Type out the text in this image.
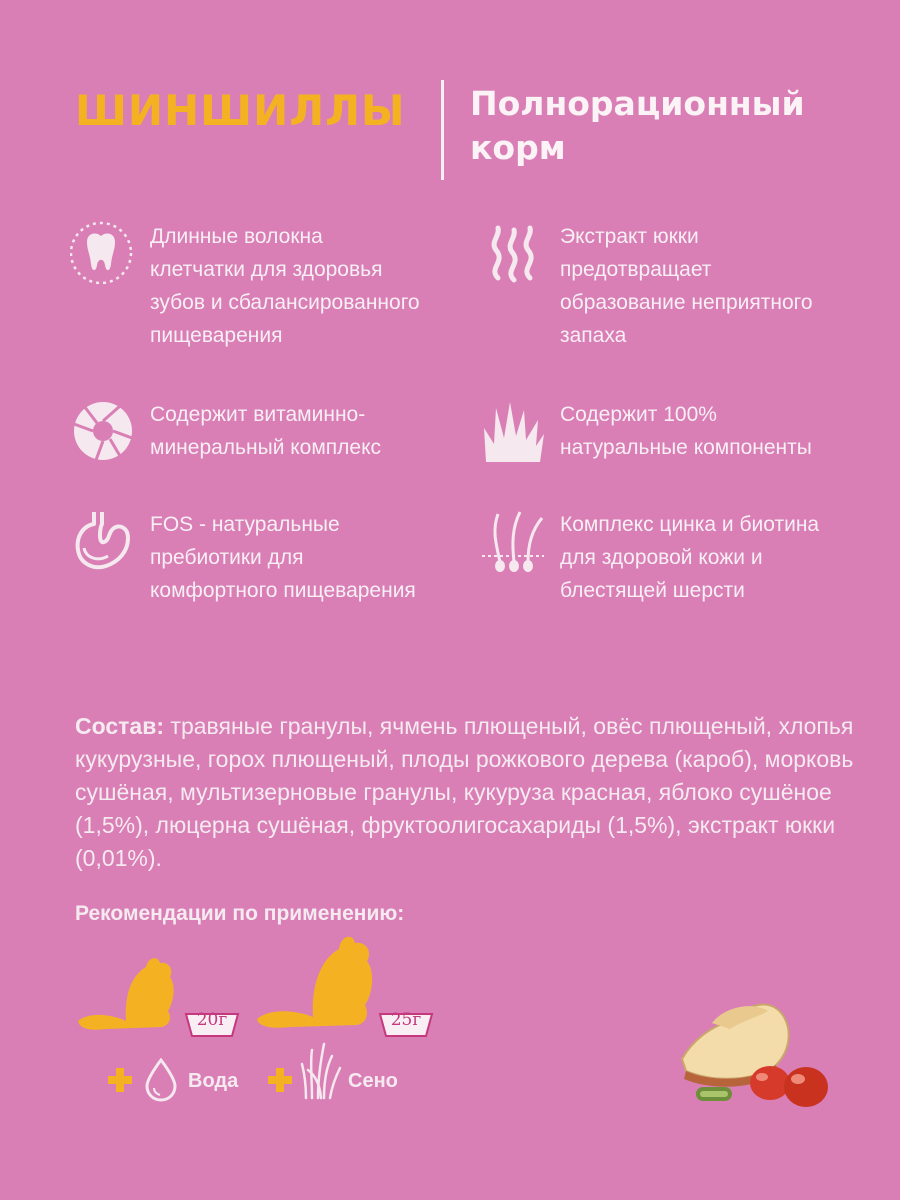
ШИНШИЛЛЫ Полнорационный
корм
Длинные волокна
клетчатки для здоровья
зубов и сбалансированного
пищеварения
Экстракт юкки
предотвращает
образование неприятного
запаха
Содержит витаминно-
минеральный комплекс
Содержит 100%
натуральные компоненты
FOS - натуральные
пребиотики для
комфортного пищеварения
Комплекс цинка и биотина
для здоровой кожи и
блестящей шерсти
Состав: травяные гранулы, ячмень плющеный, овёс плющеный, хлопья
кукурузные, горох плющеный, плоды рожкового дерева (кароб), морковь
сушёная, мультизерновые гранулы, кукуруза красная, яблоко сушёное
(1,5%), люцерна сушёная, фруктоолигосахариды (1,5%), экстракт юкки (0,01%).
Рекомендации по применению:
20г	25г
Вода	Сено
